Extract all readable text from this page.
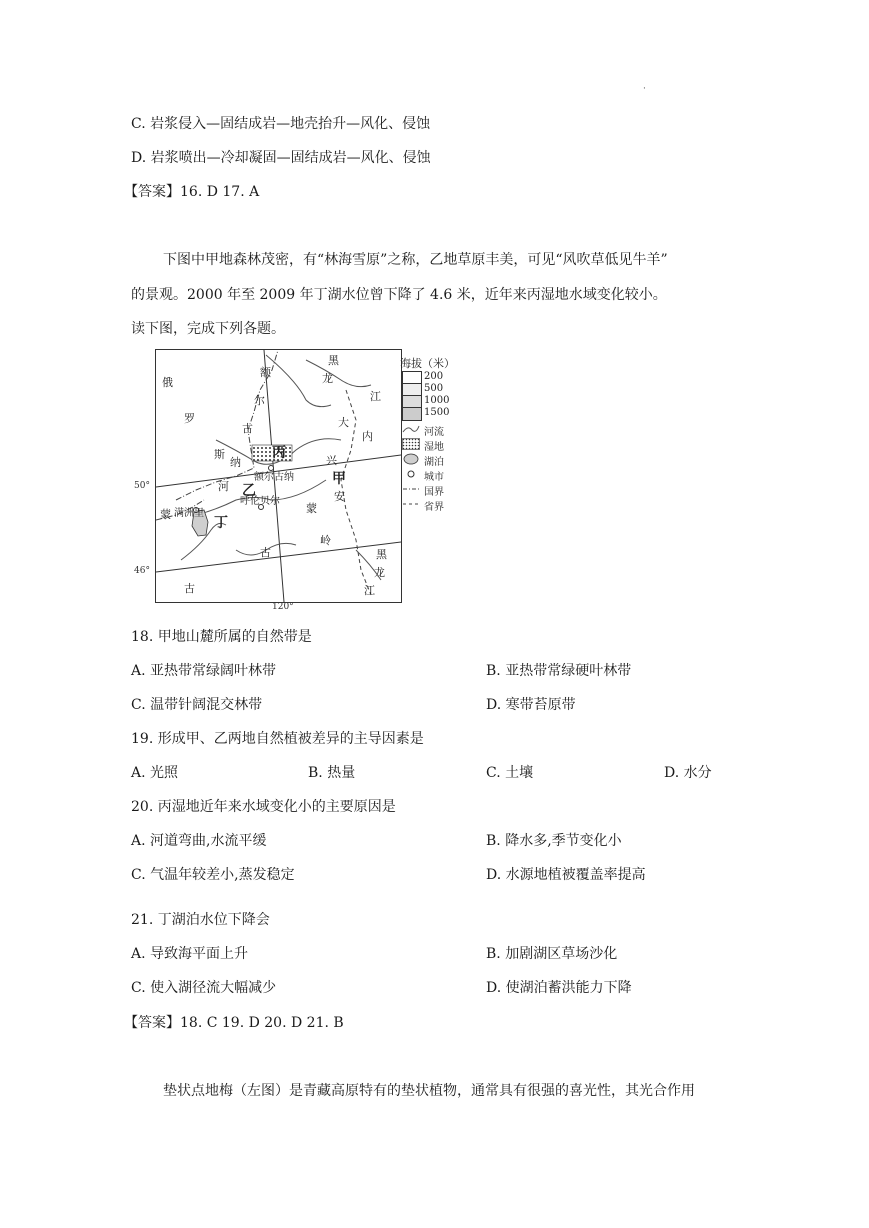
·
C. 岩浆侵入—固结成岩—地壳抬升—风化、侵蚀
D. 岩浆喷出—冷却凝固—固结成岩—风化、侵蚀
【答案】16. D 17. A
下图中甲地森林茂密，有“林海雪原”之称，乙地草原丰美，可见“风吹草低见牛羊”
的景观。2000 年至 2009 年丁湖水位曾下降了 4.6 米，近年来丙湿地水域变化较小。
读下图，完成下列各题。
俄
罗
斯
额
尔
古
纳
河
黑
龙
江
大
内
兴
安
蒙
古
岭
黑
龙
江
蒙
古
丙
甲
乙
丁
额尔古纳
呼伦贝尔
满洲里
50°
46°
120°
海拔（米）
200
500
1000
1500
河流
湿地
湖泊
城市
国界
省界
18. 甲地山麓所属的自然带是
A. 亚热带常绿阔叶林带	B. 亚热带常绿硬叶林带
C. 温带针阔混交林带	D. 寒带苔原带
19. 形成甲、乙两地自然植被差异的主导因素是
A. 光照	B. 热量	C. 土壤	D. 水分
20. 丙湿地近年来水域变化小的主要原因是
A. 河道弯曲,水流平缓	B. 降水多,季节变化小
C. 气温年较差小,蒸发稳定	D. 水源地植被覆盖率提高
21. 丁湖泊水位下降会
A. 导致海平面上升	B. 加剧湖区草场沙化
C. 使入湖径流大幅减少	D. 使湖泊蓄洪能力下降
【答案】18. C 19. D 20. D 21. B
垫状点地梅（左图）是青藏高原特有的垫状植物，通常具有很强的喜光性，其光合作用
